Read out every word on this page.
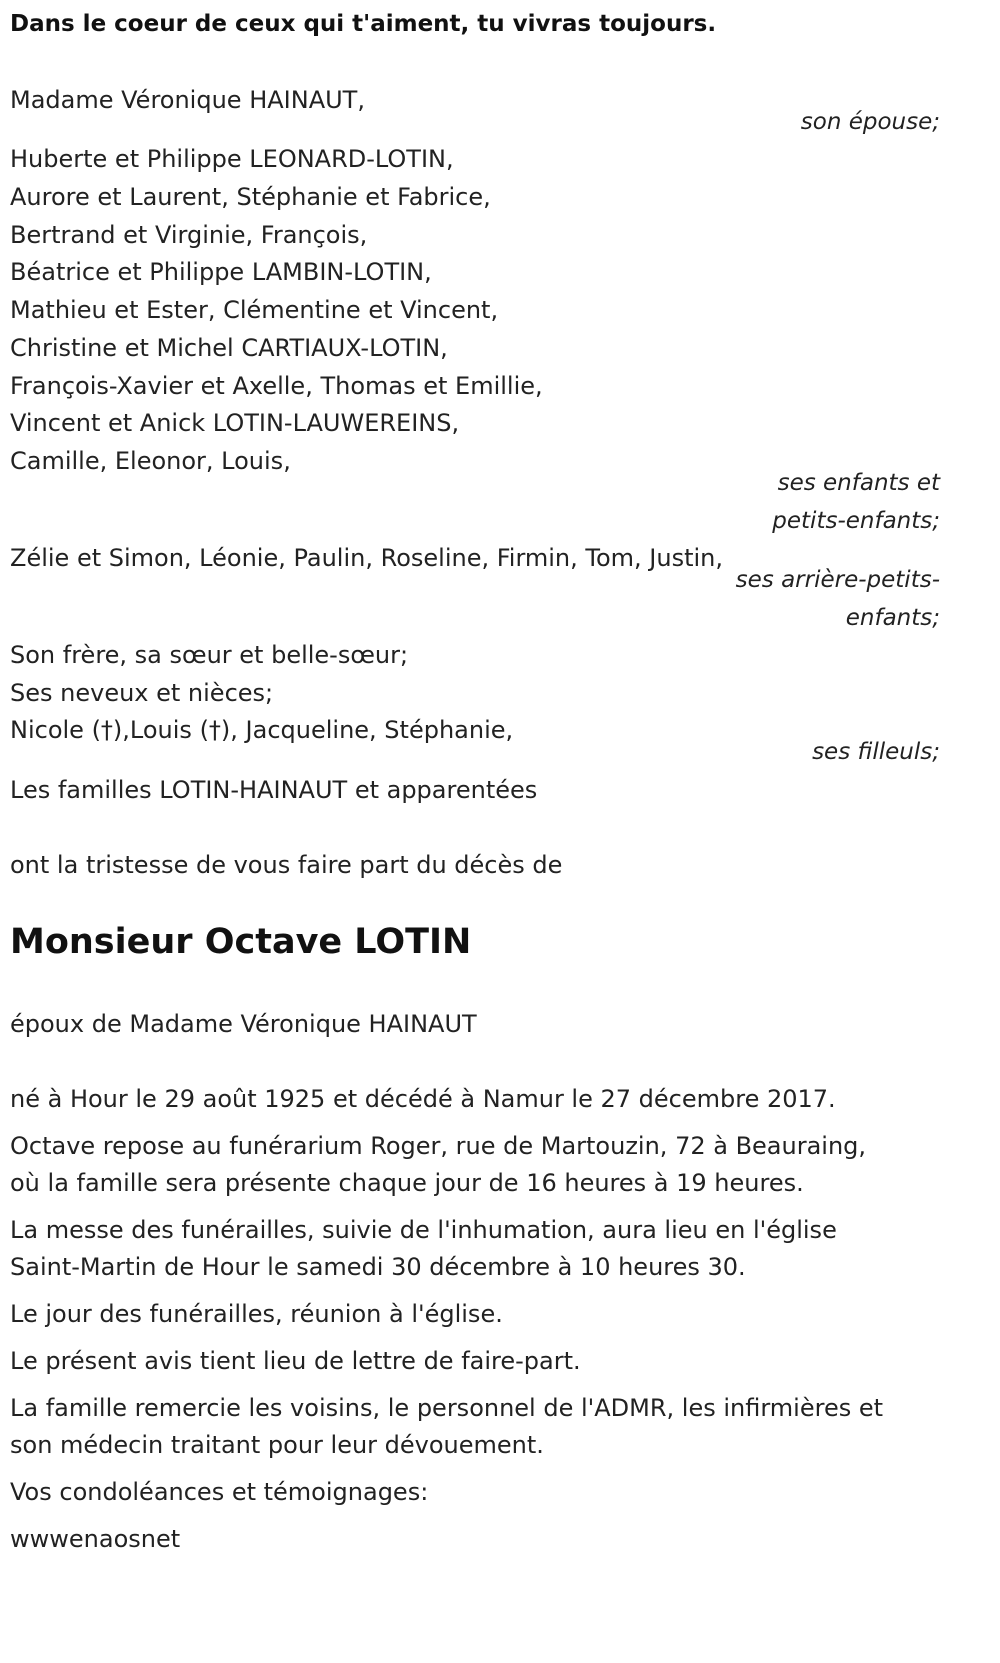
Dans le coeur de ceux qui t'aiment, tu vivras toujours.
Madame Véronique HAINAUT,
son épouse;
Huberte et Philippe LEONARD-LOTIN,
Aurore et Laurent, Stéphanie et Fabrice,
Bertrand et Virginie, François,
Béatrice et Philippe LAMBIN-LOTIN,
Mathieu et Ester, Clémentine et Vincent,
Christine et Michel CARTIAUX-LOTIN,
François-Xavier et Axelle, Thomas et Emillie,
Vincent et Anick LOTIN-LAUWEREINS,
Camille, Eleonor, Louis,
ses enfants et
petits-enfants;
Zélie et Simon, Léonie, Paulin, Roseline, Firmin, Tom, Justin,
ses arrière-petits-
enfants;
Son frère, sa sœur et belle-sœur;
Ses neveux et nièces;
Nicole (†),Louis (†), Jacqueline, Stéphanie,
ses filleuls;
Les familles LOTIN-HAINAUT et apparentées
ont la tristesse de vous faire part du décès de
Monsieur Octave LOTIN
époux de Madame Véronique HAINAUT
né à Hour le 29 août 1925 et décédé à Namur le 27 décembre 2017.
Octave repose au funérarium Roger, rue de Martouzin, 72 à Beauraing,
où la famille sera présente chaque jour de 16 heures à 19 heures.
La messe des funérailles, suivie de l'inhumation, aura lieu en l'église
Saint-Martin de Hour le samedi 30 décembre à 10 heures 30.
Le jour des funérailles, réunion à l'église.
Le présent avis tient lieu de lettre de faire-part.
La famille remercie les voisins, le personnel de l'ADMR, les infirmières et
son médecin traitant pour leur dévouement.
Vos condoléances et témoignages:
wwwenaosnet
